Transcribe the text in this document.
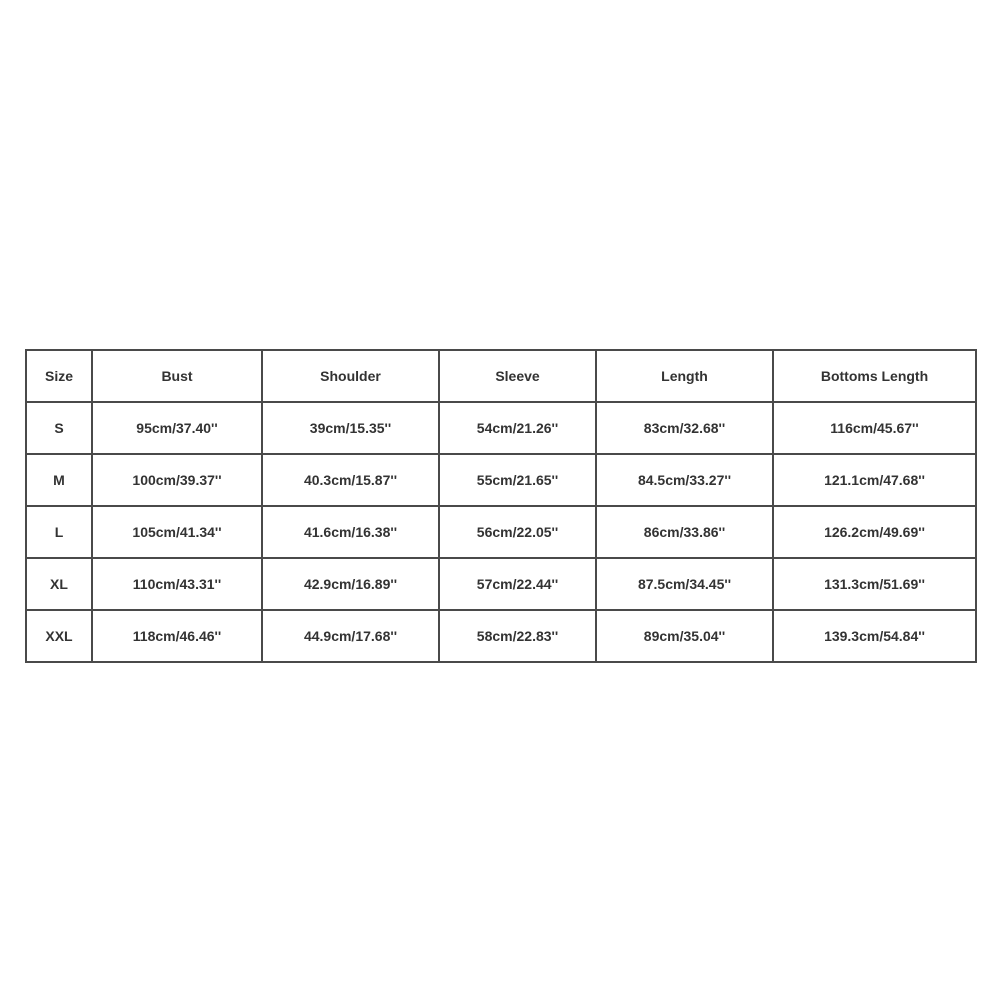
Size	Bust	Shoulder	Sleeve	Length	Bottoms Length
S	95cm/37.40''	39cm/15.35''	54cm/21.26''	83cm/32.68''	116cm/45.67''
M	100cm/39.37''	40.3cm/15.87''	55cm/21.65''	84.5cm/33.27''	121.1cm/47.68''
L	105cm/41.34''	41.6cm/16.38''	56cm/22.05''	86cm/33.86''	126.2cm/49.69''
XL	110cm/43.31''	42.9cm/16.89''	57cm/22.44''	87.5cm/34.45''	131.3cm/51.69''
XXL	118cm/46.46''	44.9cm/17.68''	58cm/22.83''	89cm/35.04''	139.3cm/54.84''
